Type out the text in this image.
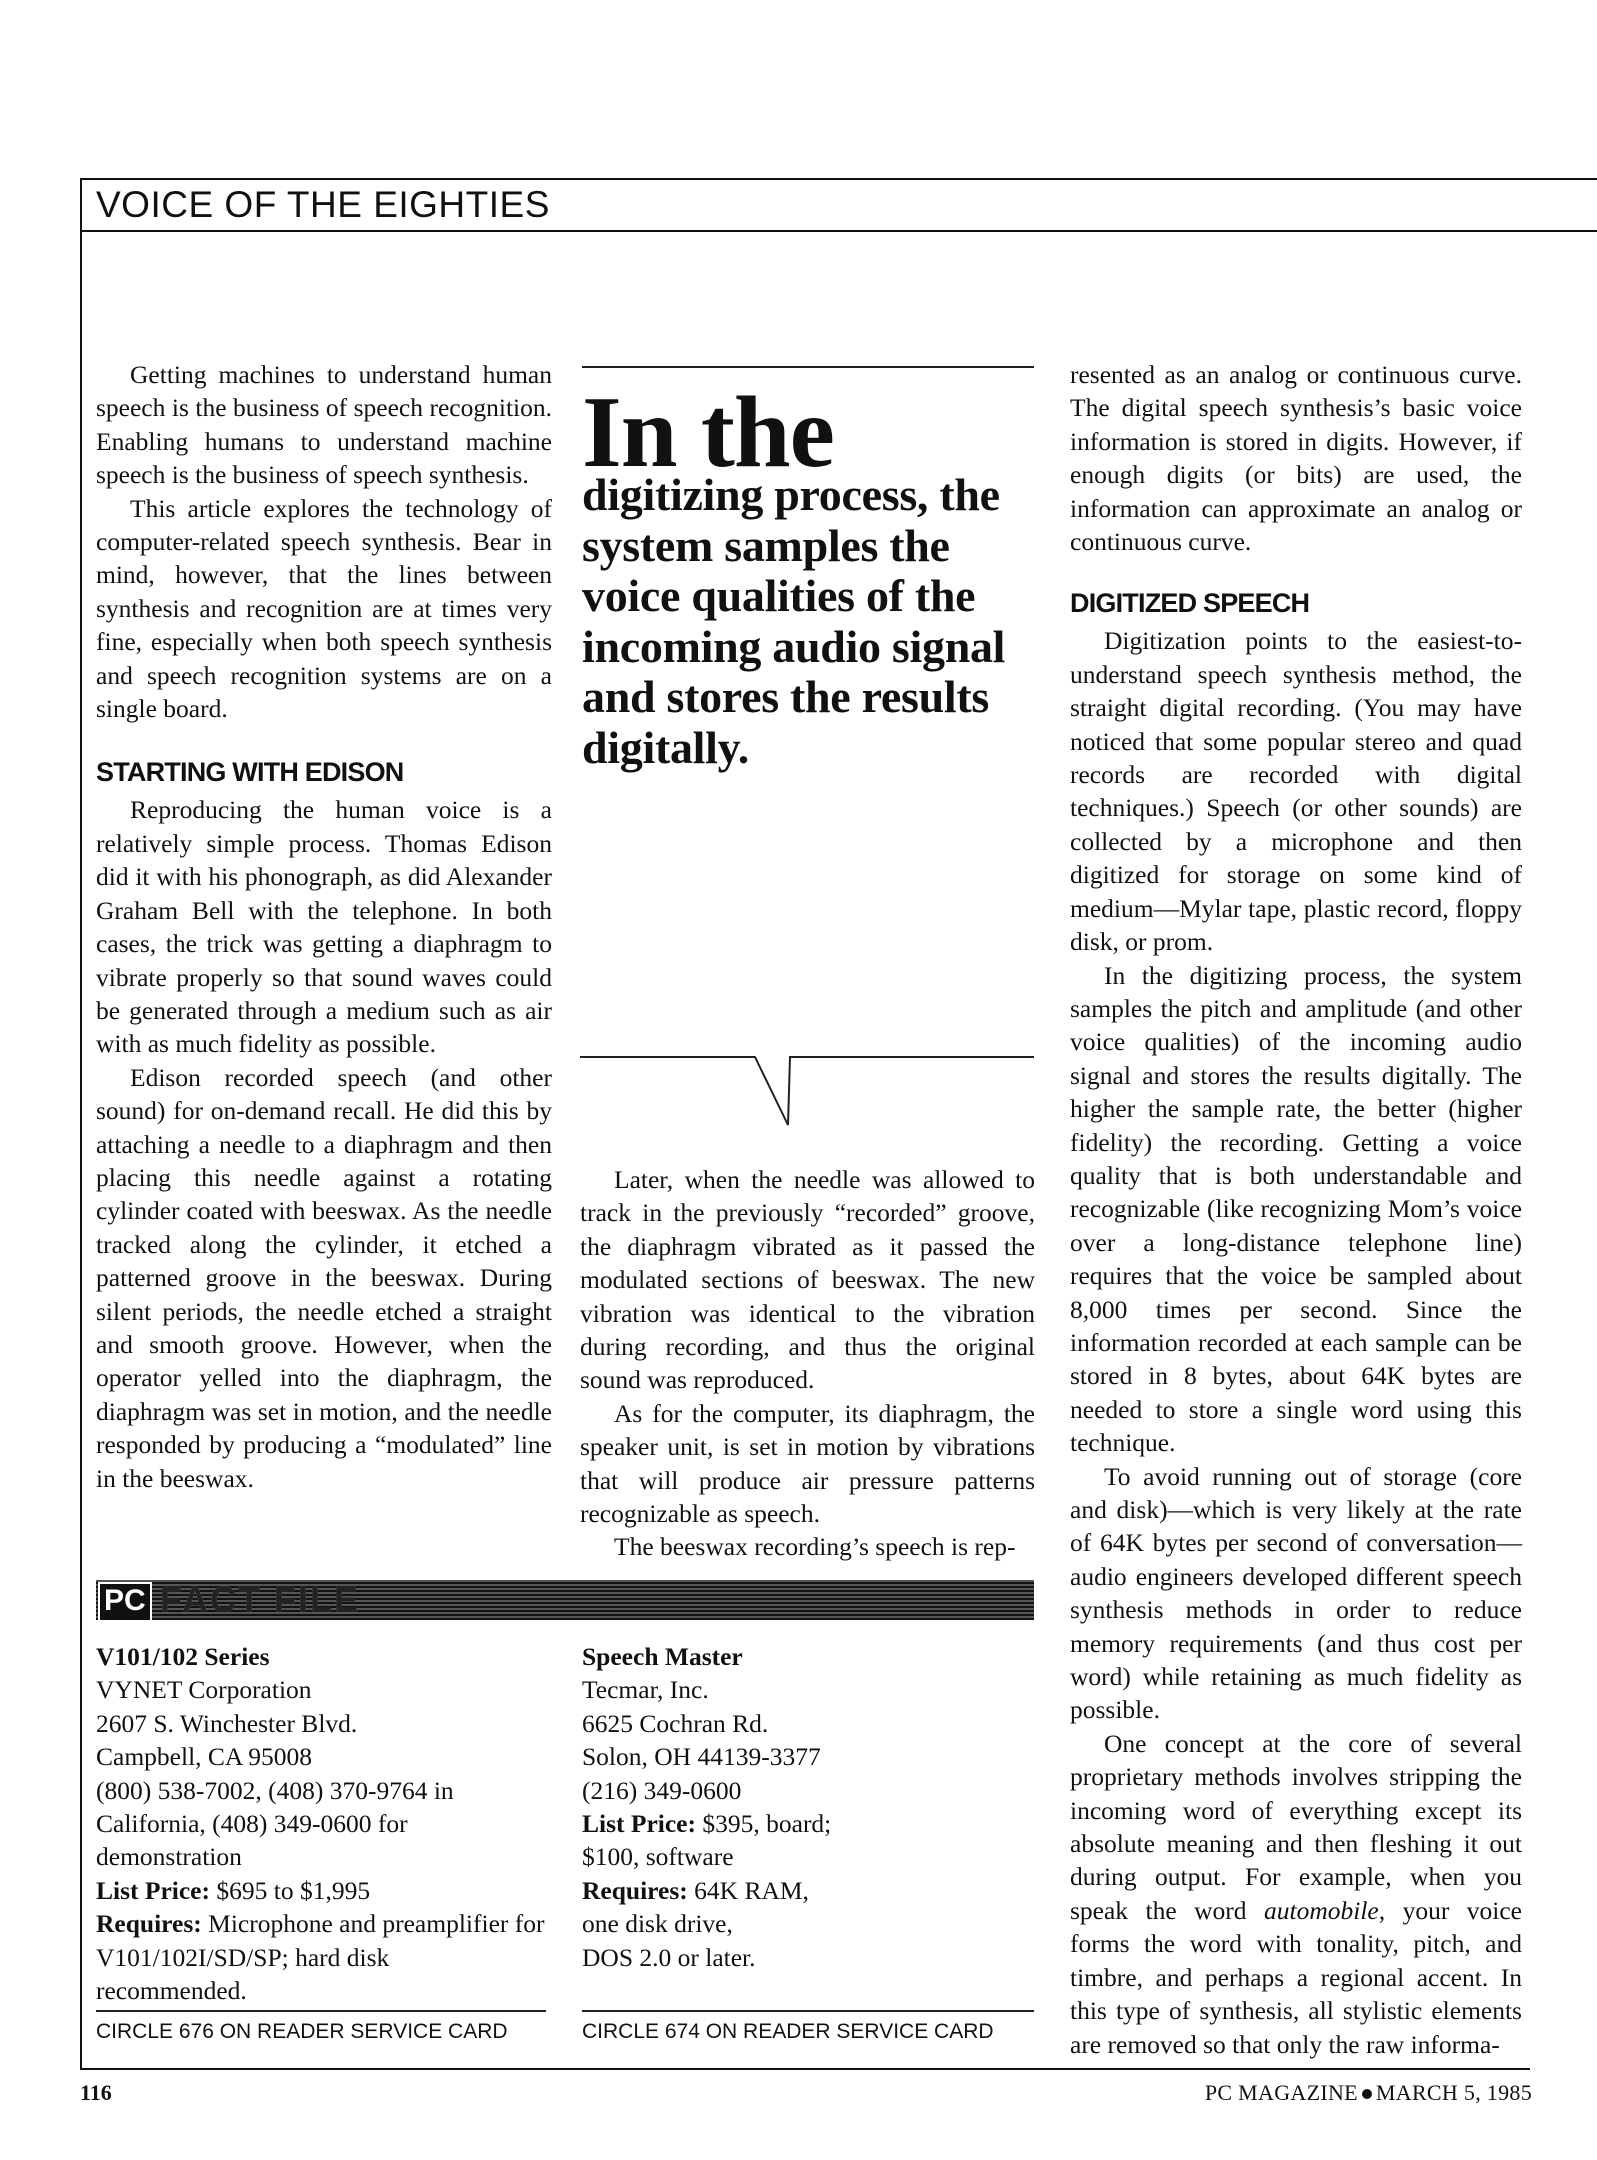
VOICE OF THE EIGHTIES

Getting machines to understand human speech is the business of speech recognition. Enabling humans to understand machine speech is the business of speech synthesis.

This article explores the technology of computer-related speech synthesis. Bear in mind, however, that the lines between synthesis and recognition are at times very fine, especially when both speech synthesis and speech recognition systems are on a single board.

STARTING WITH EDISON

Reproducing the human voice is a relatively simple process. Thomas Edison did it with his phonograph, as did Alexander Graham Bell with the telephone. In both cases, the trick was getting a diaphragm to vibrate properly so that sound waves could be generated through a medium such as air with as much fidelity as possible.

Edison recorded speech (and other sound) for on-demand recall. He did this by attaching a needle to a diaphragm and then placing this needle against a rotating cylinder coated with beeswax. As the needle tracked along the cylinder, it etched a patterned groove in the beeswax. During silent periods, the needle etched a straight and smooth groove. However, when the operator yelled into the diaphragm, the diaphragm was set in motion, and the needle responded by producing a “modulated” line in the beeswax.

In the
digitizing process, the system samples the voice qualities of the incoming audio signal and stores the results digitally.

Later, when the needle was allowed to track in the previously “recorded” groove, the diaphragm vibrated as it passed the modulated sections of beeswax. The new vibration was identical to the vibration during recording, and thus the original sound was reproduced.

As for the computer, its diaphragm, the speaker unit, is set in motion by vibrations that will produce air pressure patterns recognizable as speech.

The beeswax recording’s speech is rep-

resented as an analog or continuous curve. The digital speech synthesis’s basic voice information is stored in digits. However, if enough digits (or bits) are used, the information can approximate an analog or continuous curve.

DIGITIZED SPEECH

Digitization points to the easiest-to-understand speech synthesis method, the straight digital recording. (You may have noticed that some popular stereo and quad records are recorded with digital techniques.) Speech (or other sounds) are collected by a microphone and then digitized for storage on some kind of medium—Mylar tape, plastic record, floppy disk, or prom.

In the digitizing process, the system samples the pitch and amplitude (and other voice qualities) of the incoming audio signal and stores the results digitally. The higher the sample rate, the better (higher fidelity) the recording. Getting a voice quality that is both understandable and recognizable (like recognizing Mom’s voice over a long-distance telephone line) requires that the voice be sampled about 8,000 times per second. Since the information recorded at each sample can be stored in 8 bytes, about 64K bytes are needed to store a single word using this technique.

To avoid running out of storage (core and disk)—which is very likely at the rate of 64K bytes per second of conversation—audio engineers developed different speech synthesis methods in order to reduce memory requirements (and thus cost per word) while retaining as much fidelity as possible.

One concept at the core of several proprietary methods involves stripping the incoming word of everything except its absolute meaning and then fleshing it out during output. For example, when you speak the word automobile, your voice forms the word with tonality, pitch, and timbre, and perhaps a regional accent. In this type of synthesis, all stylistic elements are removed so that only the raw informa-

PC FACT FILE
V101/102 Series
VYNET Corporation
2607 S. Winchester Blvd.
Campbell, CA 95008
(800) 538-7002, (408) 370-9764 in California, (408) 349-0600 for demonstration
List Price: $695 to $1,995
Requires: Microphone and preamplifier for V101/102I/SD/SP; hard disk recommended.
Speech Master
Tecmar, Inc.
6625 Cochran Rd.
Solon, OH 44139-3377
(216) 349-0600
List Price: $395, board;
$100, software
Requires: 64K RAM,
one disk drive,
DOS 2.0 or later.
CIRCLE 676 ON READER SERVICE CARD	CIRCLE 674 ON READER SERVICE CARD
116	PC MAGAZINE MARCH 5, 1985
